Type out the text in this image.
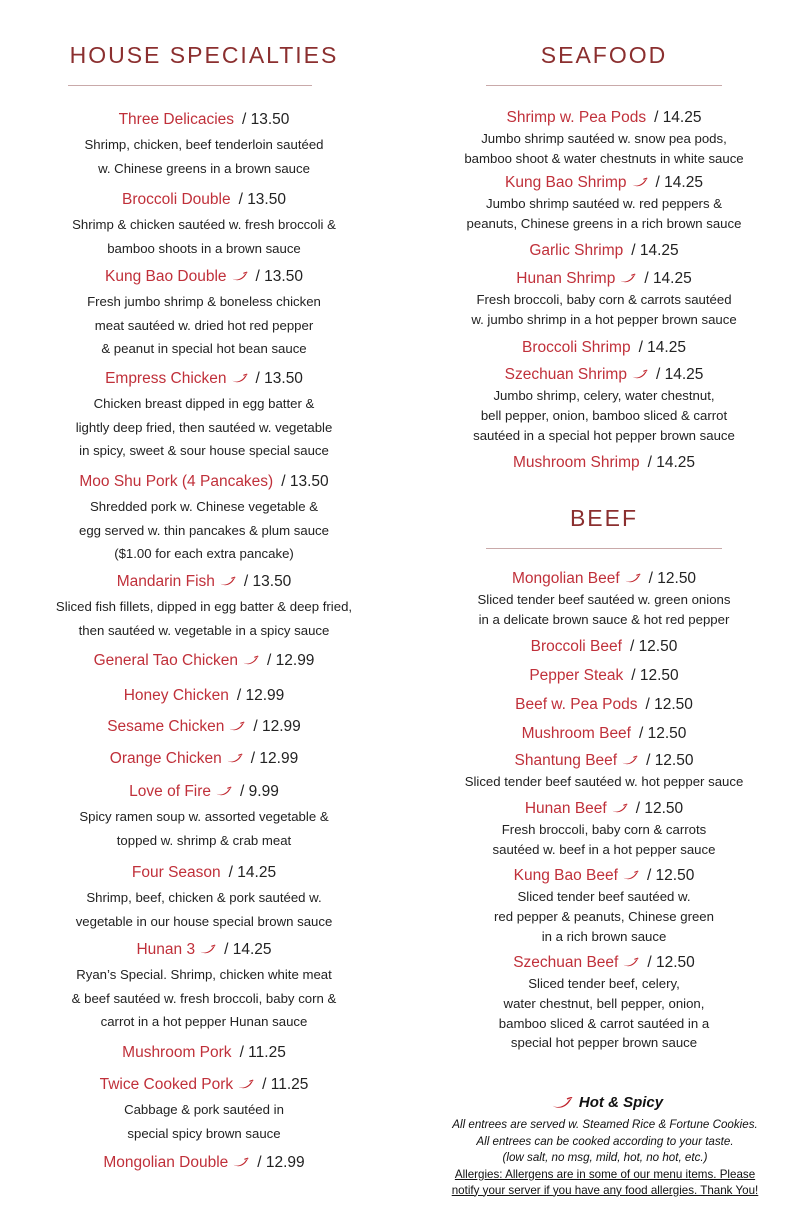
HOUSE SPECIALTIES
Three Delicacies / 13.50
Shrimp, chicken, beef tenderloin sautéed
w. Chinese greens in a brown sauce
Broccoli Double / 13.50
Shrimp & chicken sautéed w. fresh broccoli &
bamboo shoots in a brown sauce
Kung Bao Double / 13.50
Fresh jumbo shrimp & boneless chicken
meat sautéed w. dried hot red pepper
& peanut in special hot bean sauce
Empress Chicken / 13.50
Chicken breast dipped in egg batter &
lightly deep fried, then sautéed w. vegetable
in spicy, sweet & sour house special sauce
Moo Shu Pork (4 Pancakes) / 13.50
Shredded pork w. Chinese vegetable &
egg served w. thin pancakes & plum sauce
($1.00 for each extra pancake)
Mandarin Fish / 13.50
Sliced fish fillets, dipped in egg batter & deep fried,
then sautéed w. vegetable in a spicy sauce
General Tao Chicken / 12.99
Honey Chicken / 12.99
Sesame Chicken / 12.99
Orange Chicken / 12.99
Love of Fire / 9.99
Spicy ramen soup w. assorted vegetable &
topped w. shrimp & crab meat
Four Season / 14.25
Shrimp, beef, chicken & pork sautéed w.
vegetable in our house special brown sauce
Hunan 3 / 14.25
Ryan’s Special. Shrimp, chicken white meat
& beef sautéed w. fresh broccoli, baby corn &
carrot in a hot pepper Hunan sauce
Mushroom Pork / 11.25
Twice Cooked Pork / 11.25
Cabbage & pork sautéed in
special spicy brown sauce
Mongolian Double / 12.99
SEAFOOD
BEEF
Shrimp w. Pea Pods / 14.25
Jumbo shrimp sautéed w. snow pea pods,
bamboo shoot & water chestnuts in white sauce
Kung Bao Shrimp / 14.25
Jumbo shrimp sautéed w. red peppers &
peanuts, Chinese greens in a rich brown sauce
Garlic Shrimp / 14.25
Hunan Shrimp / 14.25
Fresh broccoli, baby corn & carrots sautéed
w. jumbo shrimp in a hot pepper brown sauce
Broccoli Shrimp / 14.25
Szechuan Shrimp / 14.25
Jumbo shrimp, celery, water chestnut,
bell pepper, onion, bamboo sliced & carrot
sautéed in a special hot pepper brown sauce
Mushroom Shrimp / 14.25
Mongolian Beef / 12.50
Sliced tender beef sautéed w. green onions
in a delicate brown sauce & hot red pepper
Broccoli Beef / 12.50
Pepper Steak / 12.50
Beef w. Pea Pods / 12.50
Mushroom Beef / 12.50
Shantung Beef / 12.50
Sliced tender beef sautéed w. hot pepper sauce
Hunan Beef / 12.50
Fresh broccoli, baby corn & carrots
sautéed w. beef in a hot pepper sauce
Kung Bao Beef / 12.50
Sliced tender beef sautéed w.
red pepper & peanuts, Chinese green
in a rich brown sauce
Szechuan Beef / 12.50
Sliced tender beef, celery,
water chestnut, bell pepper, onion,
bamboo sliced & carrot sautéed in a
special hot pepper brown sauce
Hot & Spicy
All entrees are served w. Steamed Rice & Fortune Cookies.
All entrees can be cooked according to your taste.
(low salt, no msg, mild, hot, no hot, etc.)
Allergies: Allergens are in some of our menu items. Please
notify your server if you have any food allergies. Thank You!
